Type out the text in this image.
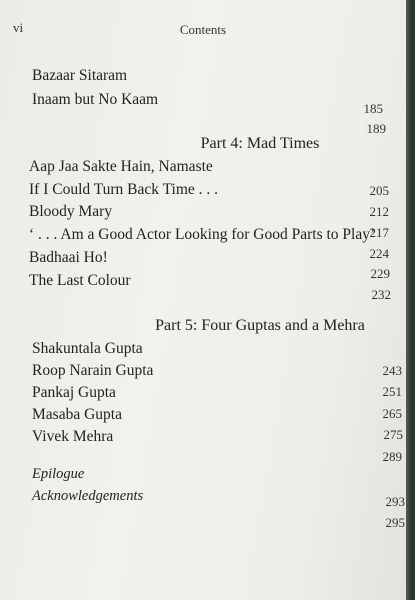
vi	Contents
Bazaar Sitaram
Inaam but No Kaam
185
189
Part 4: Mad Times
Aap Jaa Sakte Hain, Namaste
If I Could Turn Back Time . . .
Bloody Mary
‘ . . . Am a Good Actor Looking for Good Parts to Play’
Badhaai Ho!
The Last Colour
205
212
217
224
229
232
Part 5: Four Guptas and a Mehra
Shakuntala Gupta
Roop Narain Gupta
Pankaj Gupta
Masaba Gupta
Vivek Mehra
243
251
265
275
289
Epilogue
Acknowledgements	293
295
